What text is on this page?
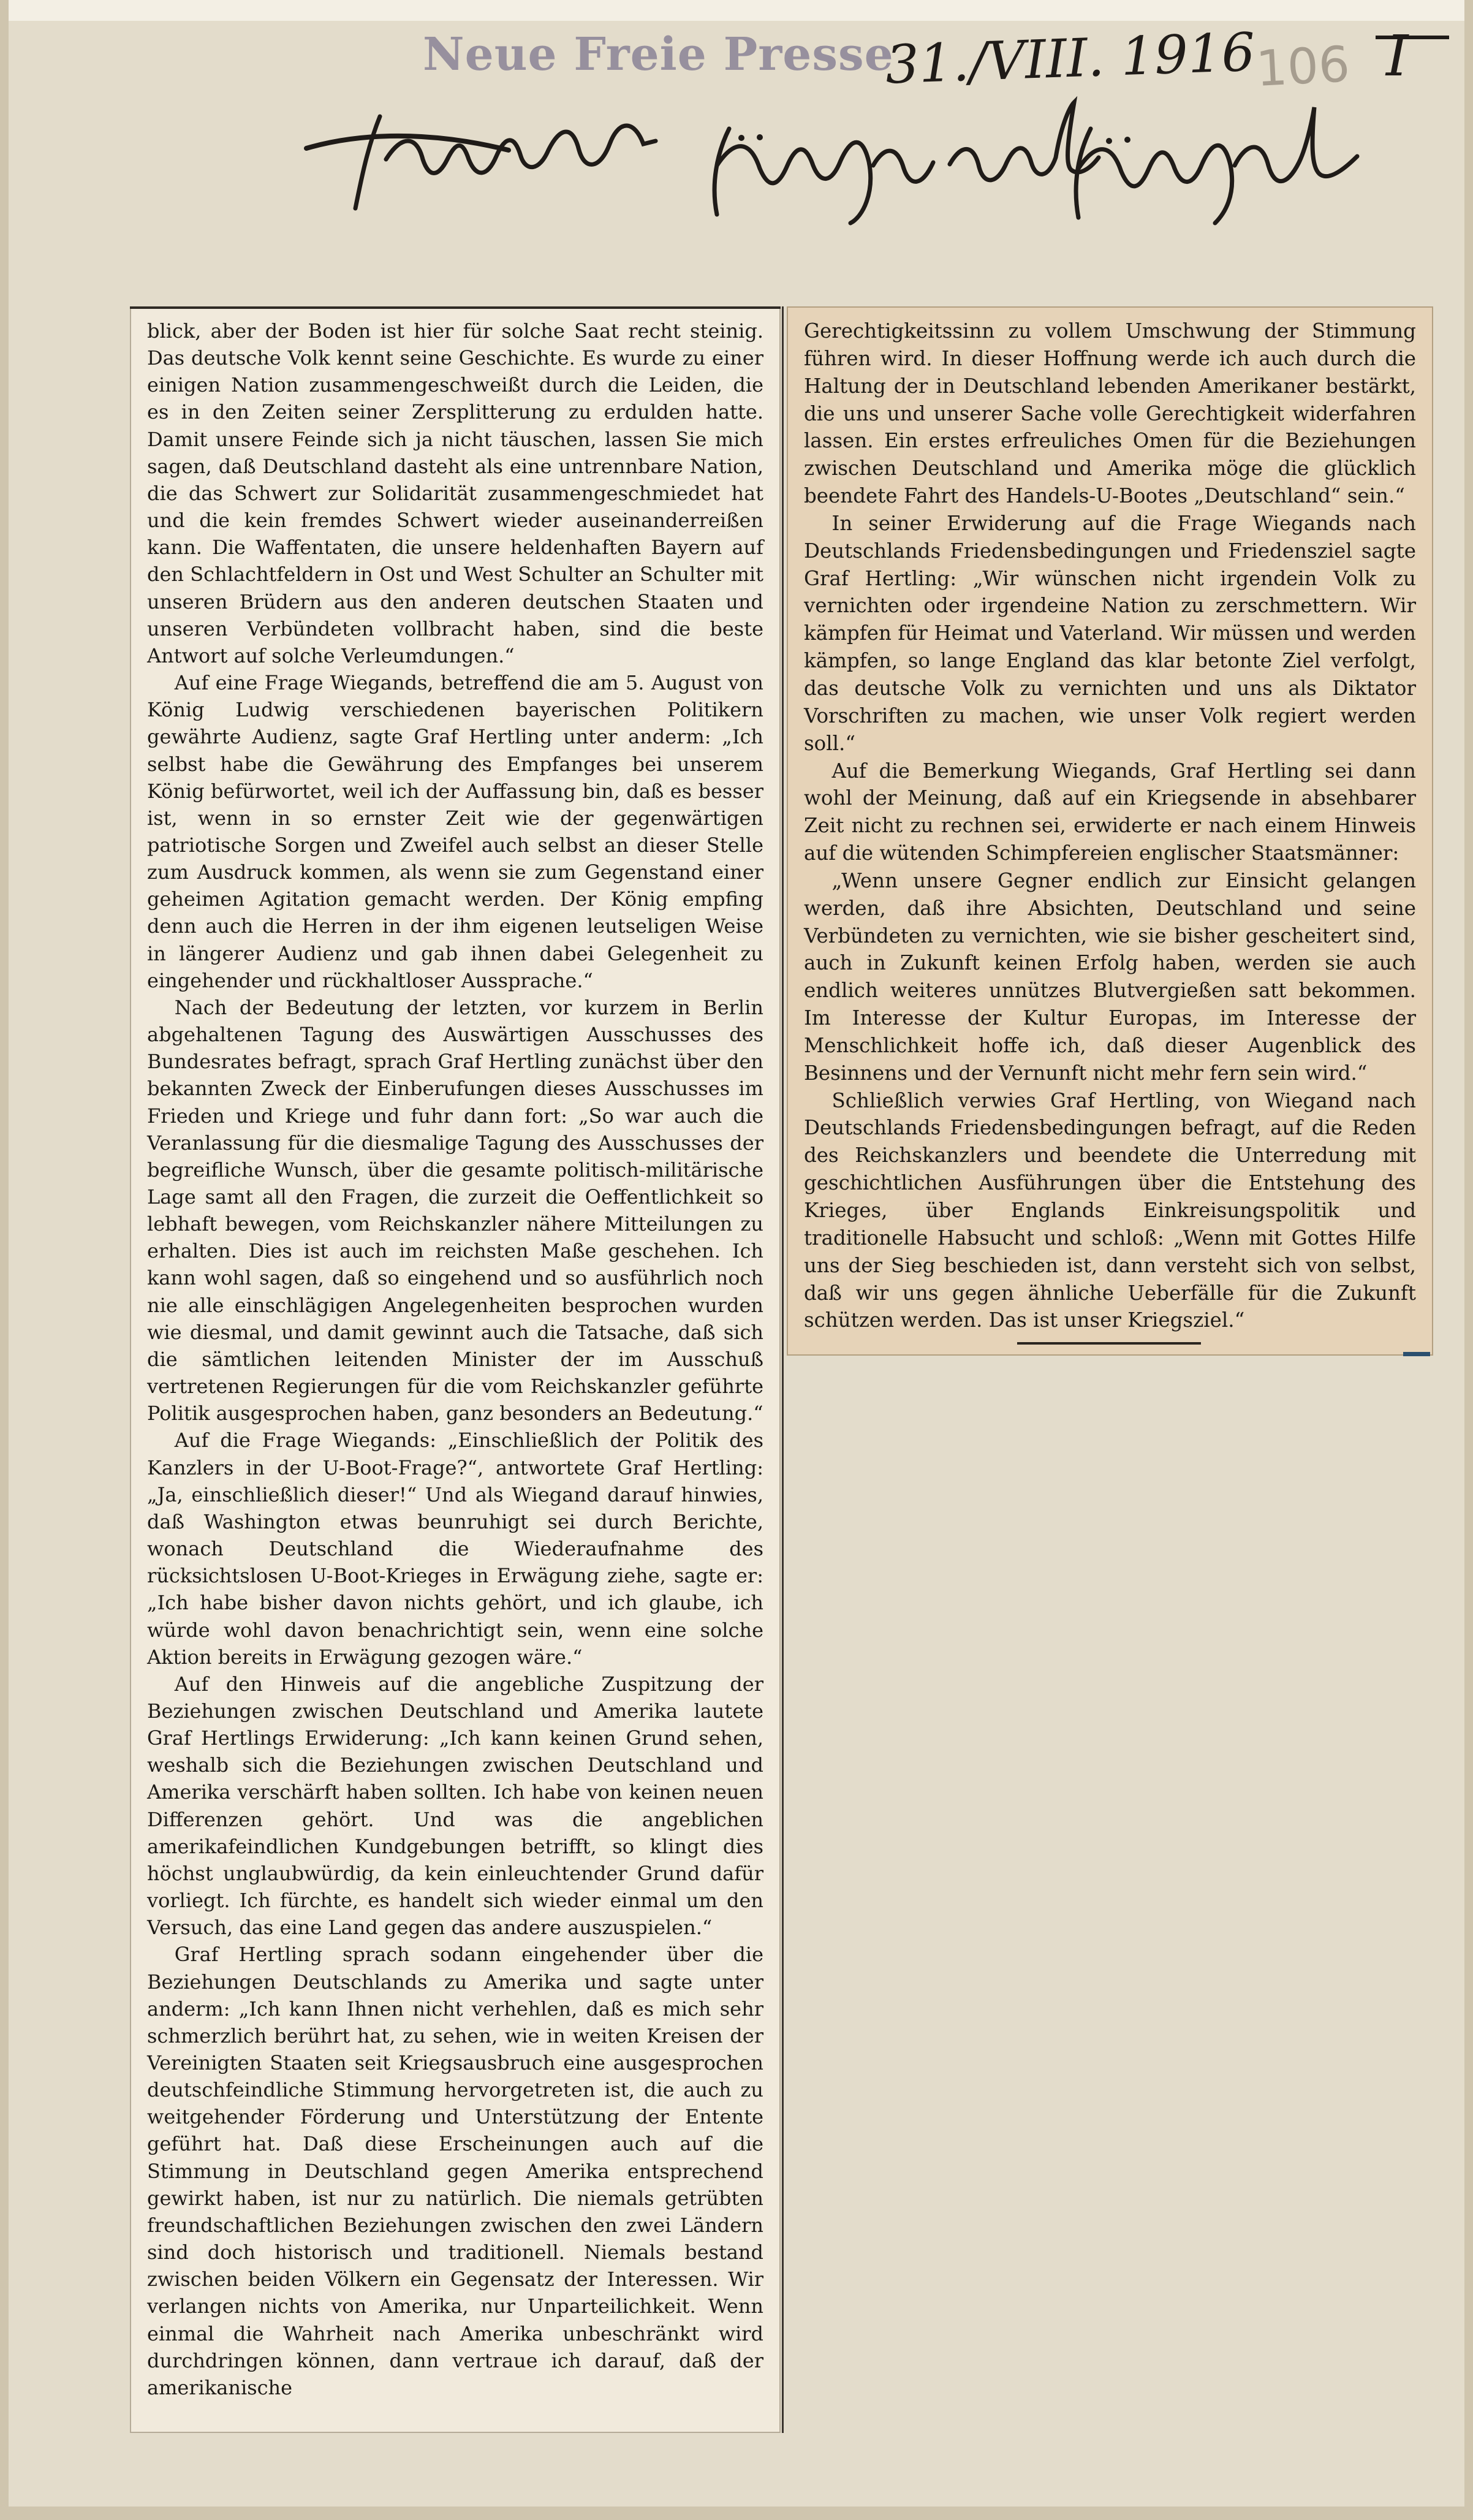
Neue Freie Presse
31./VIII. 1916
106 I
Deutschlands Kriegslage und Kriegsziel

blick, aber der Boden ist hier für solche Saat recht steinig. Das deutsche Volk kennt seine Geschichte. Es wurde zu einer einigen Nation zusammengeschweißt durch die Leiden, die es in den Zeiten seiner Zersplitterung zu erdulden hatte. Damit unsere Feinde sich ja nicht täuschen, lassen Sie mich sagen, daß Deutschland dasteht als eine untrennbare Nation, die das Schwert zur Solidarität zusammengeschmiedet hat und die kein fremdes Schwert wieder auseinanderreißen kann. Die Waffentaten, die unsere heldenhaften Bayern auf den Schlachtfeldern in Ost und West Schulter an Schulter mit unseren Brüdern aus den anderen deutschen Staaten und unseren Verbündeten vollbracht haben, sind die beste Antwort auf solche Verleumdungen.“

Auf eine Frage Wiegands, betreffend die am 5. August von König Ludwig verschiedenen bayerischen Politikern gewährte Audienz, sagte Graf Hertling unter anderm: „Ich selbst habe die Gewährung des Empfanges bei unserem König befürwortet, weil ich der Auffassung bin, daß es besser ist, wenn in so ernster Zeit wie der gegenwärtigen patriotische Sorgen und Zweifel auch selbst an dieser Stelle zum Ausdruck kommen, als wenn sie zum Gegenstand einer geheimen Agitation gemacht werden. Der König empfing denn auch die Herren in der ihm eigenen leutseligen Weise in längerer Audienz und gab ihnen dabei Gelegenheit zu eingehender und rückhaltloser Aussprache.“

Nach der Bedeutung der letzten, vor kurzem in Berlin abgehaltenen Tagung des Auswärtigen Ausschusses des Bundesrates befragt, sprach Graf Hertling zunächst über den bekannten Zweck der Einberufungen dieses Ausschusses im Frieden und Kriege und fuhr dann fort: „So war auch die Veranlassung für die diesmalige Tagung des Ausschusses der begreifliche Wunsch, über die gesamte politisch-militärische Lage samt all den Fragen, die zurzeit die Oeffentlichkeit so lebhaft bewegen, vom Reichskanzler nähere Mitteilungen zu erhalten. Dies ist auch im reichsten Maße geschehen. Ich kann wohl sagen, daß so eingehend und so ausführlich noch nie alle einschlägigen Angelegenheiten besprochen wurden wie diesmal, und damit gewinnt auch die Tatsache, daß sich die sämtlichen leitenden Minister der im Ausschuß vertretenen Regierungen für die vom Reichskanzler geführte Politik ausgesprochen haben, ganz besonders an Bedeutung.“

Auf die Frage Wiegands: „Einschließlich der Politik des Kanzlers in der U-Boot-Frage?“, antwortete Graf Hertling: „Ja, einschließlich dieser!“ Und als Wiegand darauf hinwies, daß Washington etwas beunruhigt sei durch Berichte, wonach Deutschland die Wiederaufnahme des rücksichtslosen U-Boot-Krieges in Erwägung ziehe, sagte er: „Ich habe bisher davon nichts gehört, und ich glaube, ich würde wohl davon benachrichtigt sein, wenn eine solche Aktion bereits in Erwägung gezogen wäre.“

Auf den Hinweis auf die angebliche Zuspitzung der Beziehungen zwischen Deutschland und Amerika lautete Graf Hertlings Erwiderung: „Ich kann keinen Grund sehen, weshalb sich die Beziehungen zwischen Deutschland und Amerika verschärft haben sollten. Ich habe von keinen neuen Differenzen gehört. Und was die angeblichen amerikafeindlichen Kundgebungen betrifft, so klingt dies höchst unglaubwürdig, da kein einleuchtender Grund dafür vorliegt. Ich fürchte, es handelt sich wieder einmal um den Versuch, das eine Land gegen das andere auszuspielen.“

Graf Hertling sprach sodann eingehender über die Beziehungen Deutschlands zu Amerika und sagte unter anderm: „Ich kann Ihnen nicht verhehlen, daß es mich sehr schmerzlich berührt hat, zu sehen, wie in weiten Kreisen der Vereinigten Staaten seit Kriegsausbruch eine ausgesprochen deutschfeindliche Stimmung hervorgetreten ist, die auch zu weitgehender Förderung und Unterstützung der Entente geführt hat. Daß diese Erscheinungen auch auf die Stimmung in Deutschland gegen Amerika entsprechend gewirkt haben, ist nur zu natürlich. Die niemals getrübten freundschaftlichen Beziehungen zwischen den zwei Ländern sind doch historisch und traditionell. Niemals bestand zwischen beiden Völkern ein Gegensatz der Interessen. Wir verlangen nichts von Amerika, nur Unparteilichkeit. Wenn einmal die Wahrheit nach Amerika unbeschränkt wird durchdringen können, dann vertraue ich darauf, daß der amerikanische

Gerechtigkeitssinn zu vollem Umschwung der Stimmung führen wird. In dieser Hoffnung werde ich auch durch die Haltung der in Deutschland lebenden Amerikaner bestärkt, die uns und unserer Sache volle Gerechtigkeit widerfahren lassen. Ein erstes erfreuliches Omen für die Beziehungen zwischen Deutschland und Amerika möge die glücklich beendete Fahrt des Handels-U-Bootes „Deutschland“ sein.“

In seiner Erwiderung auf die Frage Wiegands nach Deutschlands Friedensbedingungen und Friedensziel sagte Graf Hertling: „Wir wünschen nicht irgendein Volk zu vernichten oder irgendeine Nation zu zerschmettern. Wir kämpfen für Heimat und Vaterland. Wir müssen und werden kämpfen, so lange England das klar betonte Ziel verfolgt, das deutsche Volk zu vernichten und uns als Diktator Vorschriften zu machen, wie unser Volk regiert werden soll.“

Auf die Bemerkung Wiegands, Graf Hertling sei dann wohl der Meinung, daß auf ein Kriegsende in absehbarer Zeit nicht zu rechnen sei, erwiderte er nach einem Hinweis auf die wütenden Schimpfereien englischer Staatsmänner:

„Wenn unsere Gegner endlich zur Einsicht gelangen werden, daß ihre Absichten, Deutschland und seine Verbündeten zu vernichten, wie sie bisher gescheitert sind, auch in Zukunft keinen Erfolg haben, werden sie auch endlich weiteres unnützes Blutvergießen satt bekommen. Im Interesse der Kultur Europas, im Interesse der Menschlichkeit hoffe ich, daß dieser Augenblick des Besinnens und der Vernunft nicht mehr fern sein wird.“

Schließlich verwies Graf Hertling, von Wiegand nach Deutschlands Friedensbedingungen befragt, auf die Reden des Reichskanzlers und beendete die Unterredung mit geschichtlichen Ausführungen über die Entstehung des Krieges, über Englands Einkreisungspolitik und traditionelle Habsucht und schloß: „Wenn mit Gottes Hilfe uns der Sieg beschieden ist, dann versteht sich von selbst, daß wir uns gegen ähnliche Ueberfälle für die Zukunft schützen werden. Das ist unser Kriegsziel.“
